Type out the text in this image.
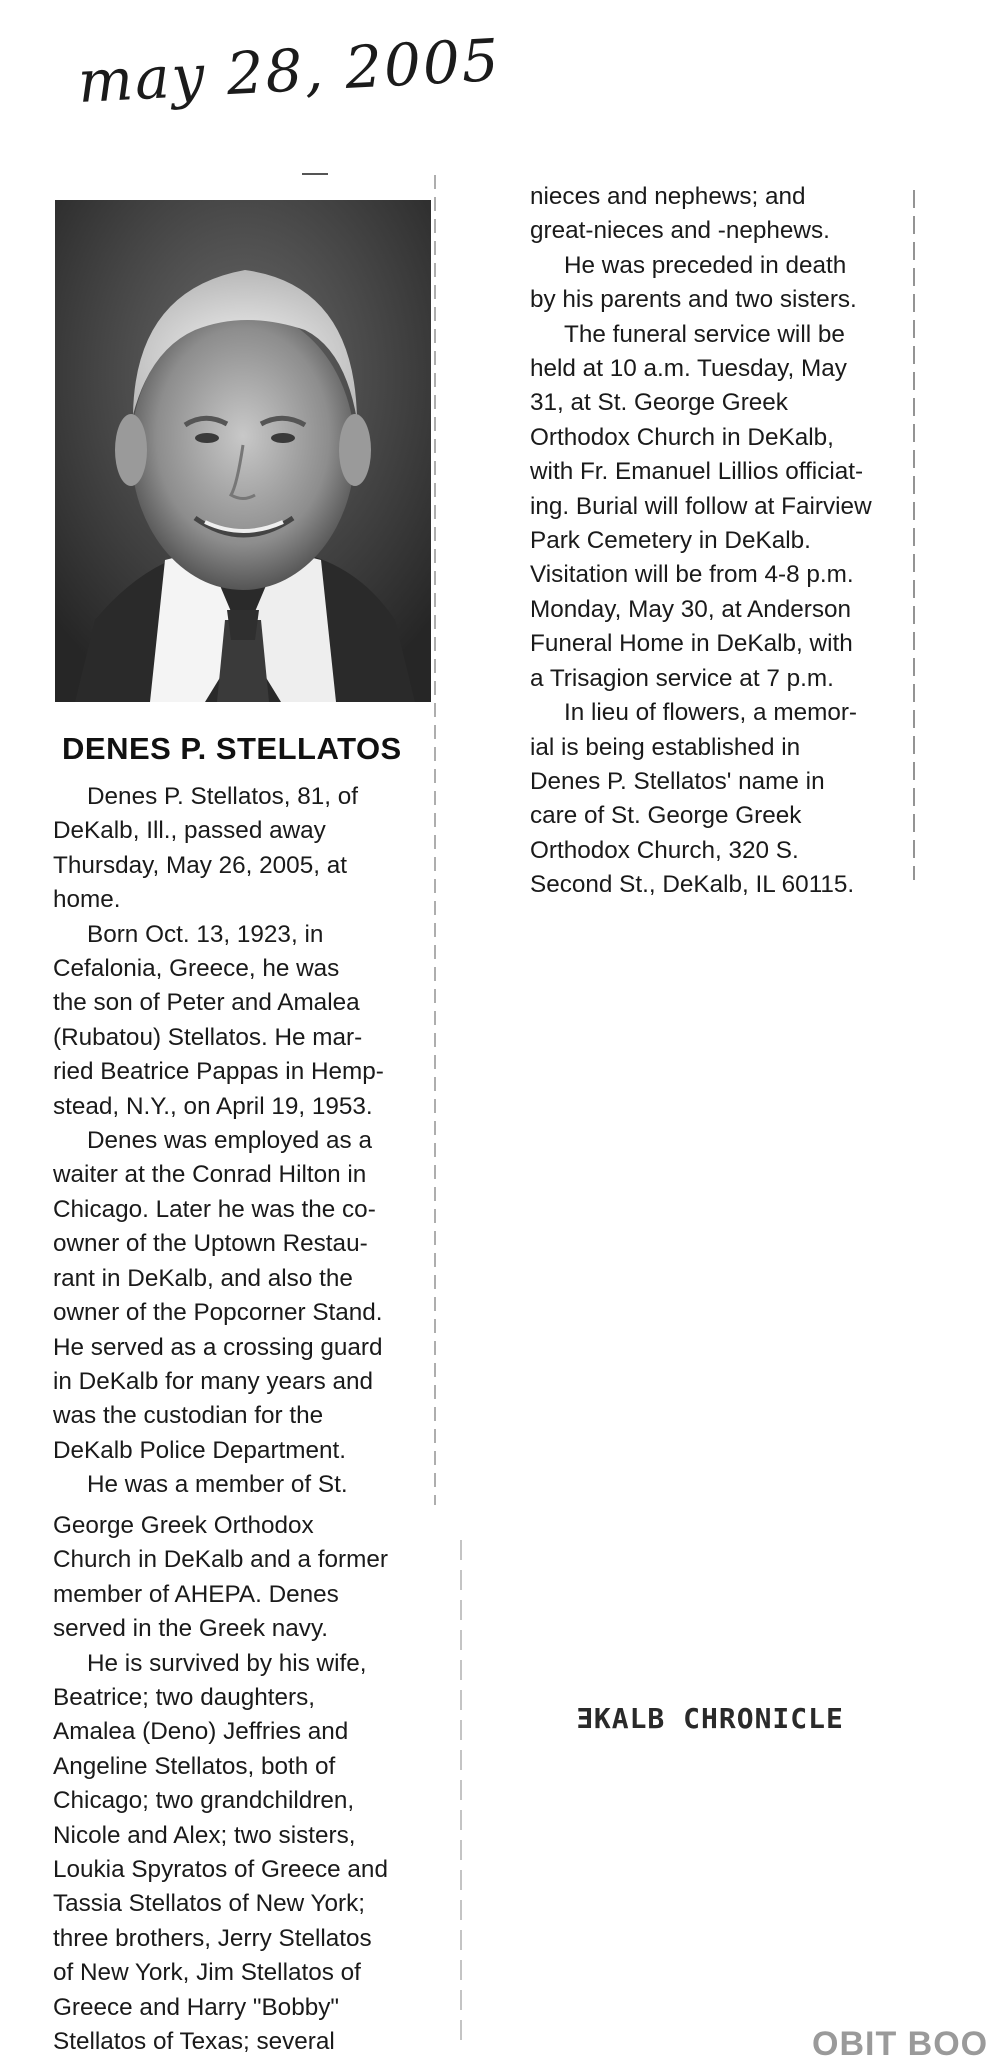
may 28, 2005
DENES P. STELLATOS
Denes P. Stellatos, 81, of
DeKalb, Ill., passed away
Thursday, May 26, 2005, at
home.
Born Oct. 13, 1923, in
Cefalonia, Greece, he was
the son of Peter and Amalea
(Rubatou) Stellatos. He mar-
ried Beatrice Pappas in Hemp-
stead, N.Y., on April 19, 1953.
Denes was employed as a
waiter at the Conrad Hilton in
Chicago. Later he was the co-
owner of the Uptown Restau-
rant in DeKalb, and also the
owner of the Popcorner Stand.
He served as a crossing guard
in DeKalb for many years and
was the custodian for the
DeKalb Police Department.
He was a member of St.
George Greek Orthodox
Church in DeKalb and a former
member of AHEPA. Denes
served in the Greek navy.
He is survived by his wife,
Beatrice; two daughters,
Amalea (Deno) Jeffries and
Angeline Stellatos, both of
Chicago; two grandchildren,
Nicole and Alex; two sisters,
Loukia Spyratos of Greece and
Tassia Stellatos of New York;
three brothers, Jerry Stellatos
of New York, Jim Stellatos of
Greece and Harry "Bobby"
Stellatos of Texas; several
nieces and nephews; and
great-nieces and -nephews.
He was preceded in death
by his parents and two sisters.
The funeral service will be
held at 10 a.m. Tuesday, May
31, at St. George Greek
Orthodox Church in DeKalb,
with Fr. Emanuel Lillios officiat-
ing. Burial will follow at Fairview
Park Cemetery in DeKalb.
Visitation will be from 4-8 p.m.
Monday, May 30, at Anderson
Funeral Home in DeKalb, with
a Trisagion service at 7 p.m.
In lieu of flowers, a memor-
ial is being established in
Denes P. Stellatos' name in
care of St. George Greek
Orthodox Church, 320 S.
Second St., DeKalb, IL 60115.
ƎKALB CHRONICLE
OBIT BOO
